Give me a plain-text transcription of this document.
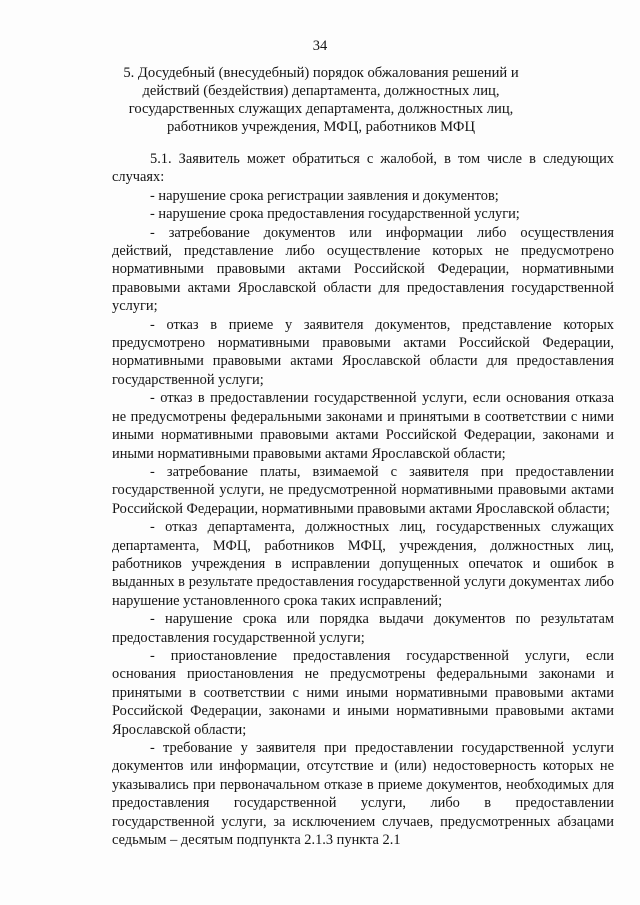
34
5. Досудебный (внесудебный) порядок обжалования решений и действий (бездействия) департамента, должностных лиц, государственных служащих департамента, должностных лиц, работников учреждения, МФЦ, работников МФЦ

5.1. Заявитель может обратиться с жалобой, в том числе в следующих случаях:

- нарушение срока регистрации заявления и документов;

- нарушение срока предоставления государственной услуги;

- затребование документов или информации либо осуществления действий, представление либо осуществление которых не предусмотрено нормативными правовыми актами Российской Федерации, нормативными правовыми актами Ярославской области для предоставления государственной услуги;

- отказ в приеме у заявителя документов, представление которых предусмотрено нормативными правовыми актами Российской Федерации, нормативными правовыми актами Ярославской области для предоставления государственной услуги;

- отказ в предоставлении государственной услуги, если основания отказа не предусмотрены федеральными законами и принятыми в соответствии с ними иными нормативными правовыми актами Российской Федерации, законами и иными нормативными правовыми актами Ярославской области;

- затребование платы, взимаемой с заявителя при предоставлении государственной услуги, не предусмотренной нормативными правовыми актами Российской Федерации, нормативными правовыми актами Ярославской области;

- отказ департамента, должностных лиц, государственных служащих департамента, МФЦ, работников МФЦ, учреждения, должностных лиц, работников учреждения в исправлении допущенных опечаток и ошибок в выданных в результате предоставления государственной услуги документах либо нарушение установленного срока таких исправлений;

- нарушение срока или порядка выдачи документов по результатам предоставления государственной услуги;

- приостановление предоставления государственной услуги, если основания приостановления не предусмотрены федеральными законами и принятыми в соответствии с ними иными нормативными правовыми актами Российской Федерации, законами и иными нормативными правовыми актами Ярославской области;

- требование у заявителя при предоставлении государственной услуги документов или информации, отсутствие и (или) недостоверность которых не указывались при первоначальном отказе в приеме документов, необходимых для предоставления государственной услуги, либо в предоставлении государственной услуги, за исключением случаев, предусмотренных абзацами седьмым – десятым подпункта 2.1.3 пункта 2.1
